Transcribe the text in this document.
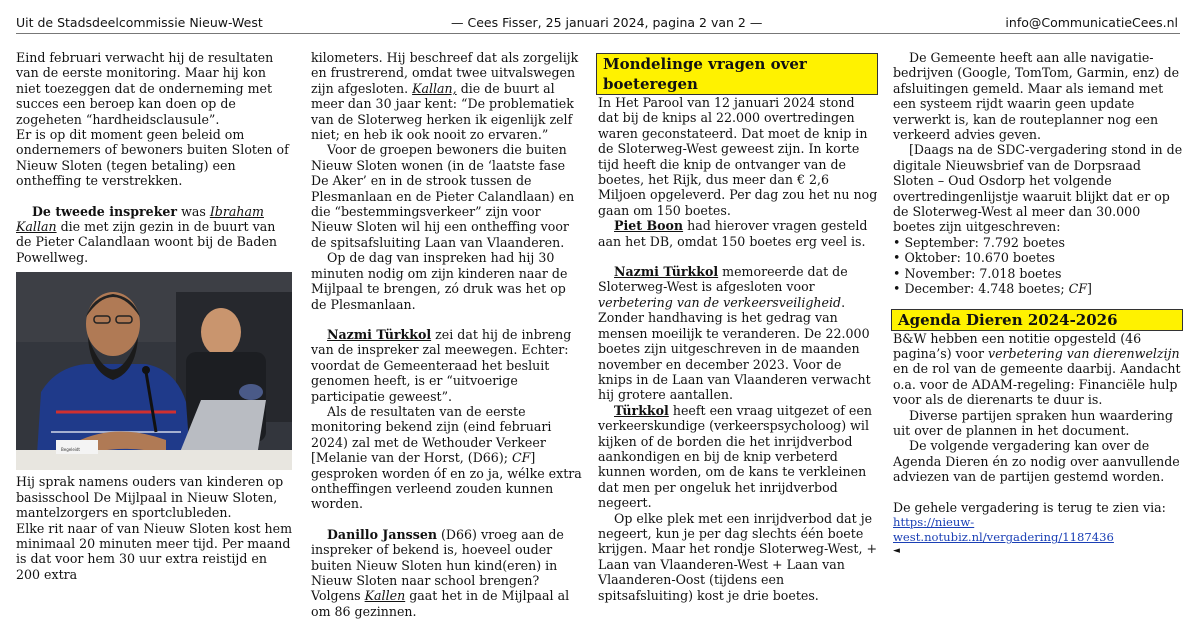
Uit de Stadsdeelcommissie Nieuw-West	— Cees Fisser, 25 januari 2024, pagina 2 van 2 —	info@CommunicatieCees.nl

Eind februari verwacht hij de resultaten van de eerste monitoring. Maar hij kon niet toezeggen dat de onderneming met succes een beroep kan doen op de zogeheten “hardheidsclausule”.

Er is op dit moment geen beleid om ondernemers of bewoners buiten Sloten of Nieuw Sloten (tegen betaling) een ontheffing te verstrekken.

De tweede inspreker was Ibraham Kallan die met zijn gezin in de buurt van de Pieter Calandlaan woont bij de Baden Powellweg.

Begeleidt

Hij sprak namens ouders van kinderen op basisschool De Mijlpaal in Nieuw Sloten, mantelzorgers en sportclubleden.

Elke rit naar of van Nieuw Sloten kost hem minimaal 20 minuten meer tijd. Per maand is dat voor hem 30 uur extra reistijd en 200 extra

kilometers. Hij beschreef dat als zorgelijk en frustrerend, omdat twee uitvalswegen zijn afgesloten. Kallan, die de buurt al meer dan 30 jaar kent: “De problematiek van de Sloterweg herken ik eigenlijk zelf niet; en heb ik ook nooit zo ervaren.”

Voor de groepen bewoners die buiten Nieuw Sloten wonen (in de ‘laatste fase De Aker’ en in de strook tussen de Plesmanlaan en de Pieter Calandlaan) en die “bestemmingsverkeer” zijn voor Nieuw Sloten wil hij een ontheffing voor de spitsafsluiting Laan van Vlaanderen.

Op de dag van inspreken had hij 30 minuten nodig om zijn kinderen naar de Mijlpaal te brengen, zó druk was het op de Plesmanlaan.

Nazmi Türkkol zei dat hij de inbreng van de inspreker zal meewegen. Echter: voordat de Gemeenteraad het besluit genomen heeft, is er “uitvoerige participatie geweest”.

Als de resultaten van de eerste monitoring bekend zijn (eind februari 2024) zal met de Wethouder Verkeer [Melanie van der Horst, (D66); CF] gesproken worden óf en zo ja, wélke extra ontheffingen verleend zouden kunnen worden.

Danillo Janssen (D66) vroeg aan de inspreker of bekend is, hoeveel ouder buiten Nieuw Sloten hun kind(eren) in Nieuw Sloten naar school brengen? Volgens Kallen gaat het in de Mijlpaal al om 86 gezinnen.

Mondelinge vragen over boeteregen

In Het Parool van 12 januari 2024 stond dat bij de knips al 22.000 overtredingen waren geconstateerd. Dat moet de knip in de Sloterweg-West geweest zijn. In korte tijd heeft die knip de ontvanger van de boetes, het Rijk, dus meer dan € 2,6 Miljoen opgeleverd. Per dag zou het nu nog gaan om 150 boetes.

Piet Boon had hierover vragen gesteld aan het DB, omdat 150 boetes erg veel is.

Nazmi Türkkol memoreerde dat de Sloterweg-West is afgesloten voor verbetering van de verkeersveiligheid. Zonder handhaving is het gedrag van mensen moeilijk te veranderen. De 22.000 boetes zijn uitgeschreven in de maanden november en december 2023. Voor de knips in de Laan van Vlaanderen verwacht hij grotere aantallen.

Türkkol heeft een vraag uitgezet of een verkeerskundige (verkeerspsycholoog) wil kijken of de borden die het inrijdverbod aankondigen en bij de knip verbeterd kunnen worden, om de kans te verkleinen dat men per ongeluk het inrijdverbod negeert.

Op elke plek met een inrijdverbod dat je negeert, kun je per dag slechts één boete krijgen. Maar het rondje Sloterweg-West, + Laan van Vlaanderen-West + Laan van Vlaanderen-Oost (tijdens een spitsafsluiting) kost je drie boetes.

De Gemeente heeft aan alle navigatie-bedrijven (Google, TomTom, Garmin, enz) de afsluitingen gemeld. Maar als iemand met een systeem rijdt waarin geen update verwerkt is, kan de routeplanner nog een verkeerd advies geven.

[Daags na de SDC-vergadering stond in de digitale Nieuwsbrief van de Dorpsraad Sloten – Oud Osdorp het volgende overtredingenlijstje waaruit blijkt dat er op de Sloterweg-West al meer dan 30.000 boetes zijn uitgeschreven:

• September: 7.792 boetes
• Oktober: 10.670 boetes
• November: 7.018 boetes
• December: 4.748 boetes; CF]
Agenda Dieren 2024-2026

B&W hebben een notitie opgesteld (46 pagina’s) voor verbetering van dierenwelzijn en de rol van de gemeente daarbij. Aandacht o.a. voor de ADAM-regeling: Financiële hulp voor als de dierenarts te duur is.

Diverse partijen spraken hun waardering uit over de plannen in het document.

De volgende vergadering kan over de Agenda Dieren én zo nodig over aanvullende adviezen van de partijen gestemd worden.

De gehele vergadering is terug te zien via:

https://nieuw-west.notubiz.nl/vergadering/1187436

◄
